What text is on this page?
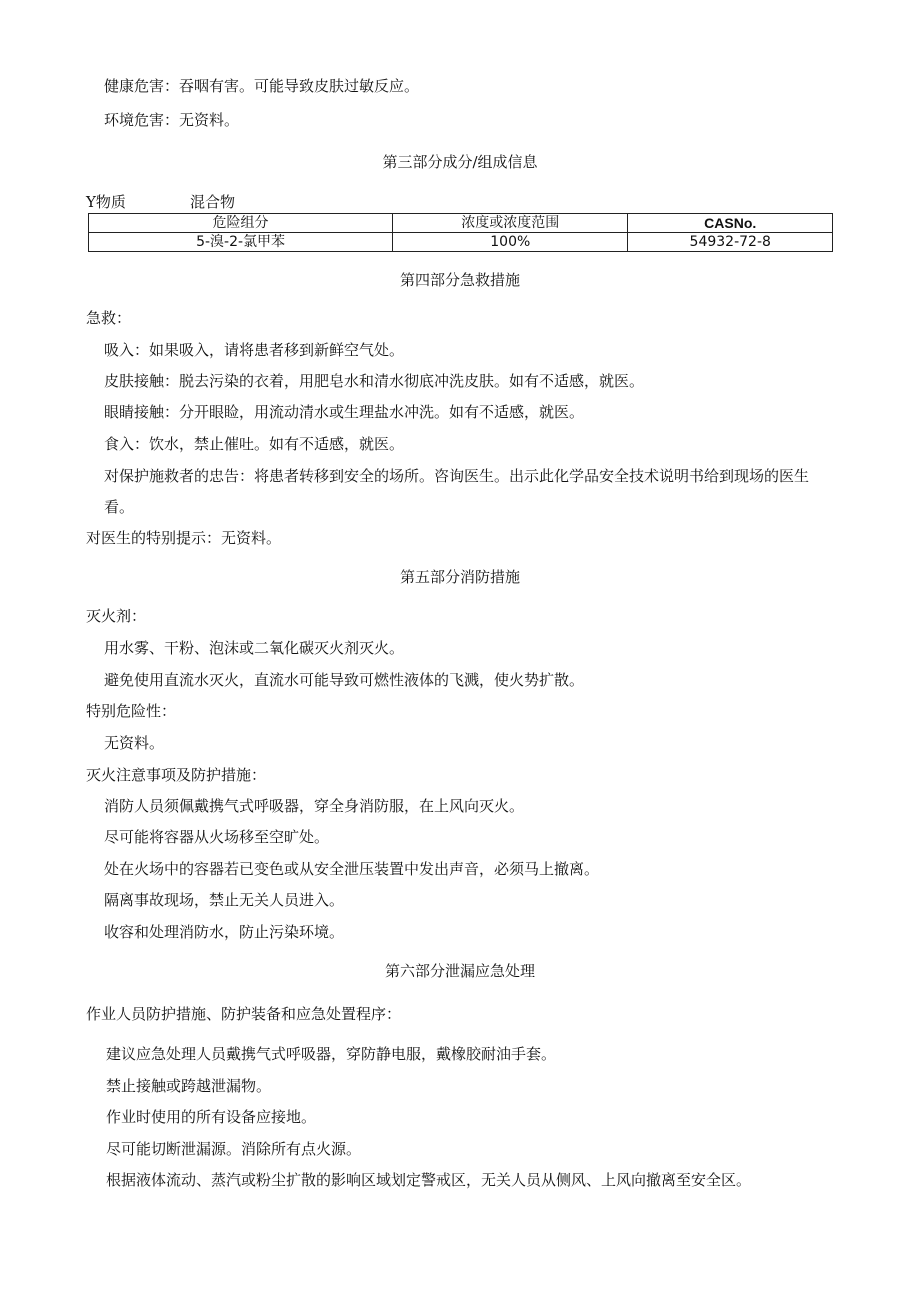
健康危害：吞咽有害。可能导致皮肤过敏反应。
环境危害：无资料。
第三部分成分/组成信息
Y物质	混合物
危险组分	浓度或浓度范围	CASNo.
5-溴-2-氯甲苯	100%	54932-72-8
第四部分急救措施
急救：
吸入：如果吸入，请将患者移到新鲜空气处。
皮肤接触：脱去污染的衣着，用肥皂水和清水彻底冲洗皮肤。如有不适感，就医。
眼睛接触：分开眼睑，用流动清水或生理盐水冲洗。如有不适感，就医。
食入：饮水，禁止催吐。如有不适感，就医。
对保护施救者的忠告：将患者转移到安全的场所。咨询医生。出示此化学品安全技术说明书给到现场的医生
看。
对医生的特别提示：无资料。
第五部分消防措施
灭火剂：
用水雾、干粉、泡沫或二氧化碳灭火剂灭火。
避免使用直流水灭火，直流水可能导致可燃性液体的飞溅，使火势扩散。
特别危险性：
无资料。
灭火注意事项及防护措施：
消防人员须佩戴携气式呼吸器，穿全身消防服，在上风向灭火。
尽可能将容器从火场移至空旷处。
处在火场中的容器若已变色或从安全泄压装置中发出声音，必须马上撤离。
隔离事故现场，禁止无关人员进入。
收容和处理消防水，防止污染环境。
第六部分泄漏应急处理
作业人员防护措施、防护装备和应急处置程序：
建议应急处理人员戴携气式呼吸器，穿防静电服，戴橡胶耐油手套。
禁止接触或跨越泄漏物。
作业时使用的所有设备应接地。
尽可能切断泄漏源。消除所有点火源。
根据液体流动、蒸汽或粉尘扩散的影响区域划定警戒区，无关人员从侧风、上风向撤离至安全区。
